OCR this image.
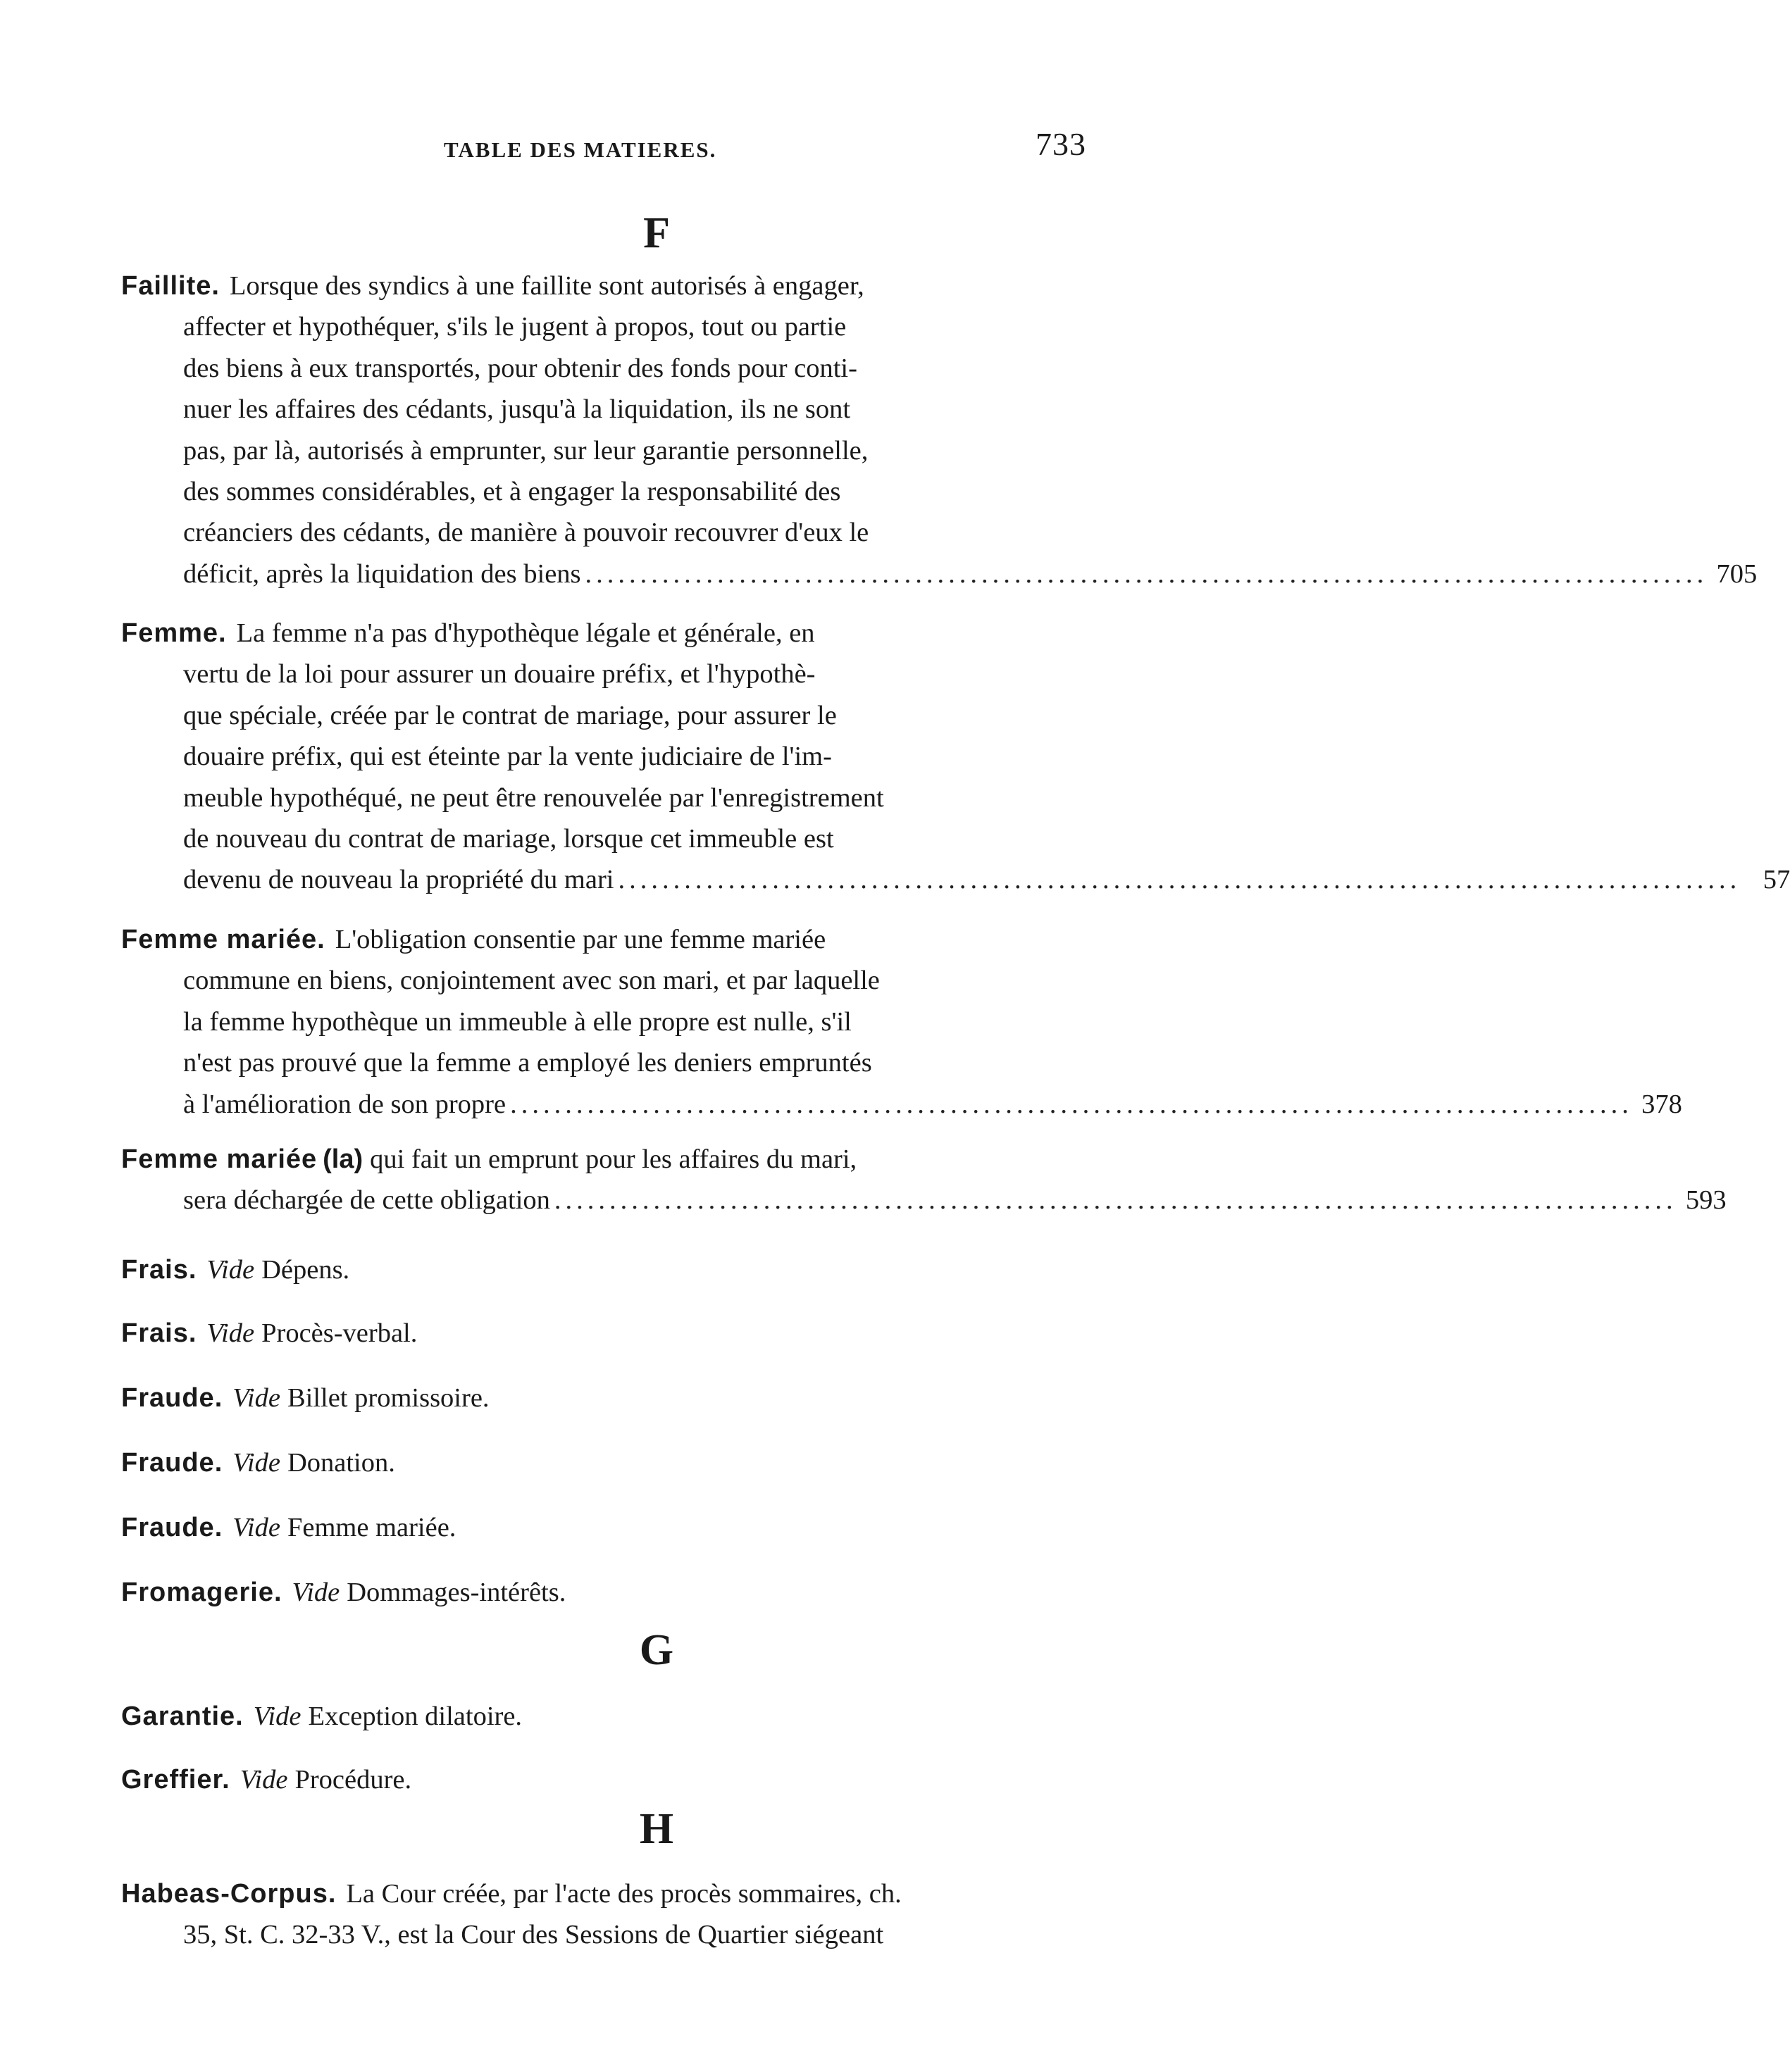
TABLE DES MATIERES.	733
F
Faillite. Lorsque des syndics à une faillite sont autorisés à engager,
affecter et hypothéquer, s'ils le jugent à propos, tout ou partie
des biens à eux transportés, pour obtenir des fonds pour conti-
nuer les affaires des cédants, jusqu'à la liquidation, ils ne sont
pas, par là, autorisés à emprunter, sur leur garantie personnelle,
des sommes considérables, et à engager la responsabilité des
créanciers des cédants, de manière à pouvoir recouvrer d'eux le
déficit, après la liquidation des biens ...................................................................................................... 705
Femme. La femme n'a pas d'hypothèque légale et générale, en
vertu de la loi pour assurer un douaire préfix, et l'hypothè-
que spéciale, créée par le contrat de mariage, pour assurer le
douaire préfix, qui est éteinte par la vente judiciaire de l'im-
meuble hypothéqué, ne peut être renouvelée par l'enregistrement
de nouveau du contrat de mariage, lorsque cet immeuble est
devenu de nouveau la propriété du mari ...................................................................................................... 57
Femme mariée. L'obligation consentie par une femme mariée
commune en biens, conjointement avec son mari, et par laquelle
la femme hypothèque un immeuble à elle propre est nulle, s'il
n'est pas prouvé que la femme a employé les deniers empruntés
à l'amélioration de son propre ...................................................................................................... 378
Femme mariée (la) qui fait un emprunt pour les affaires du mari,
sera déchargée de cette obligation ...................................................................................................... 593
Frais. Vide Dépens.
Frais. Vide Procès-verbal.
Fraude. Vide Billet promissoire.
Fraude. Vide Donation.
Fraude. Vide Femme mariée.
Fromagerie. Vide Dommages-intérêts.
G
Garantie. Vide Exception dilatoire.
Greffier. Vide Procédure.
H
Habeas-Corpus. La Cour créée, par l'acte des procès sommaires, ch.
35, St. C. 32-33 V., est la Cour des Sessions de Quartier siégeant
